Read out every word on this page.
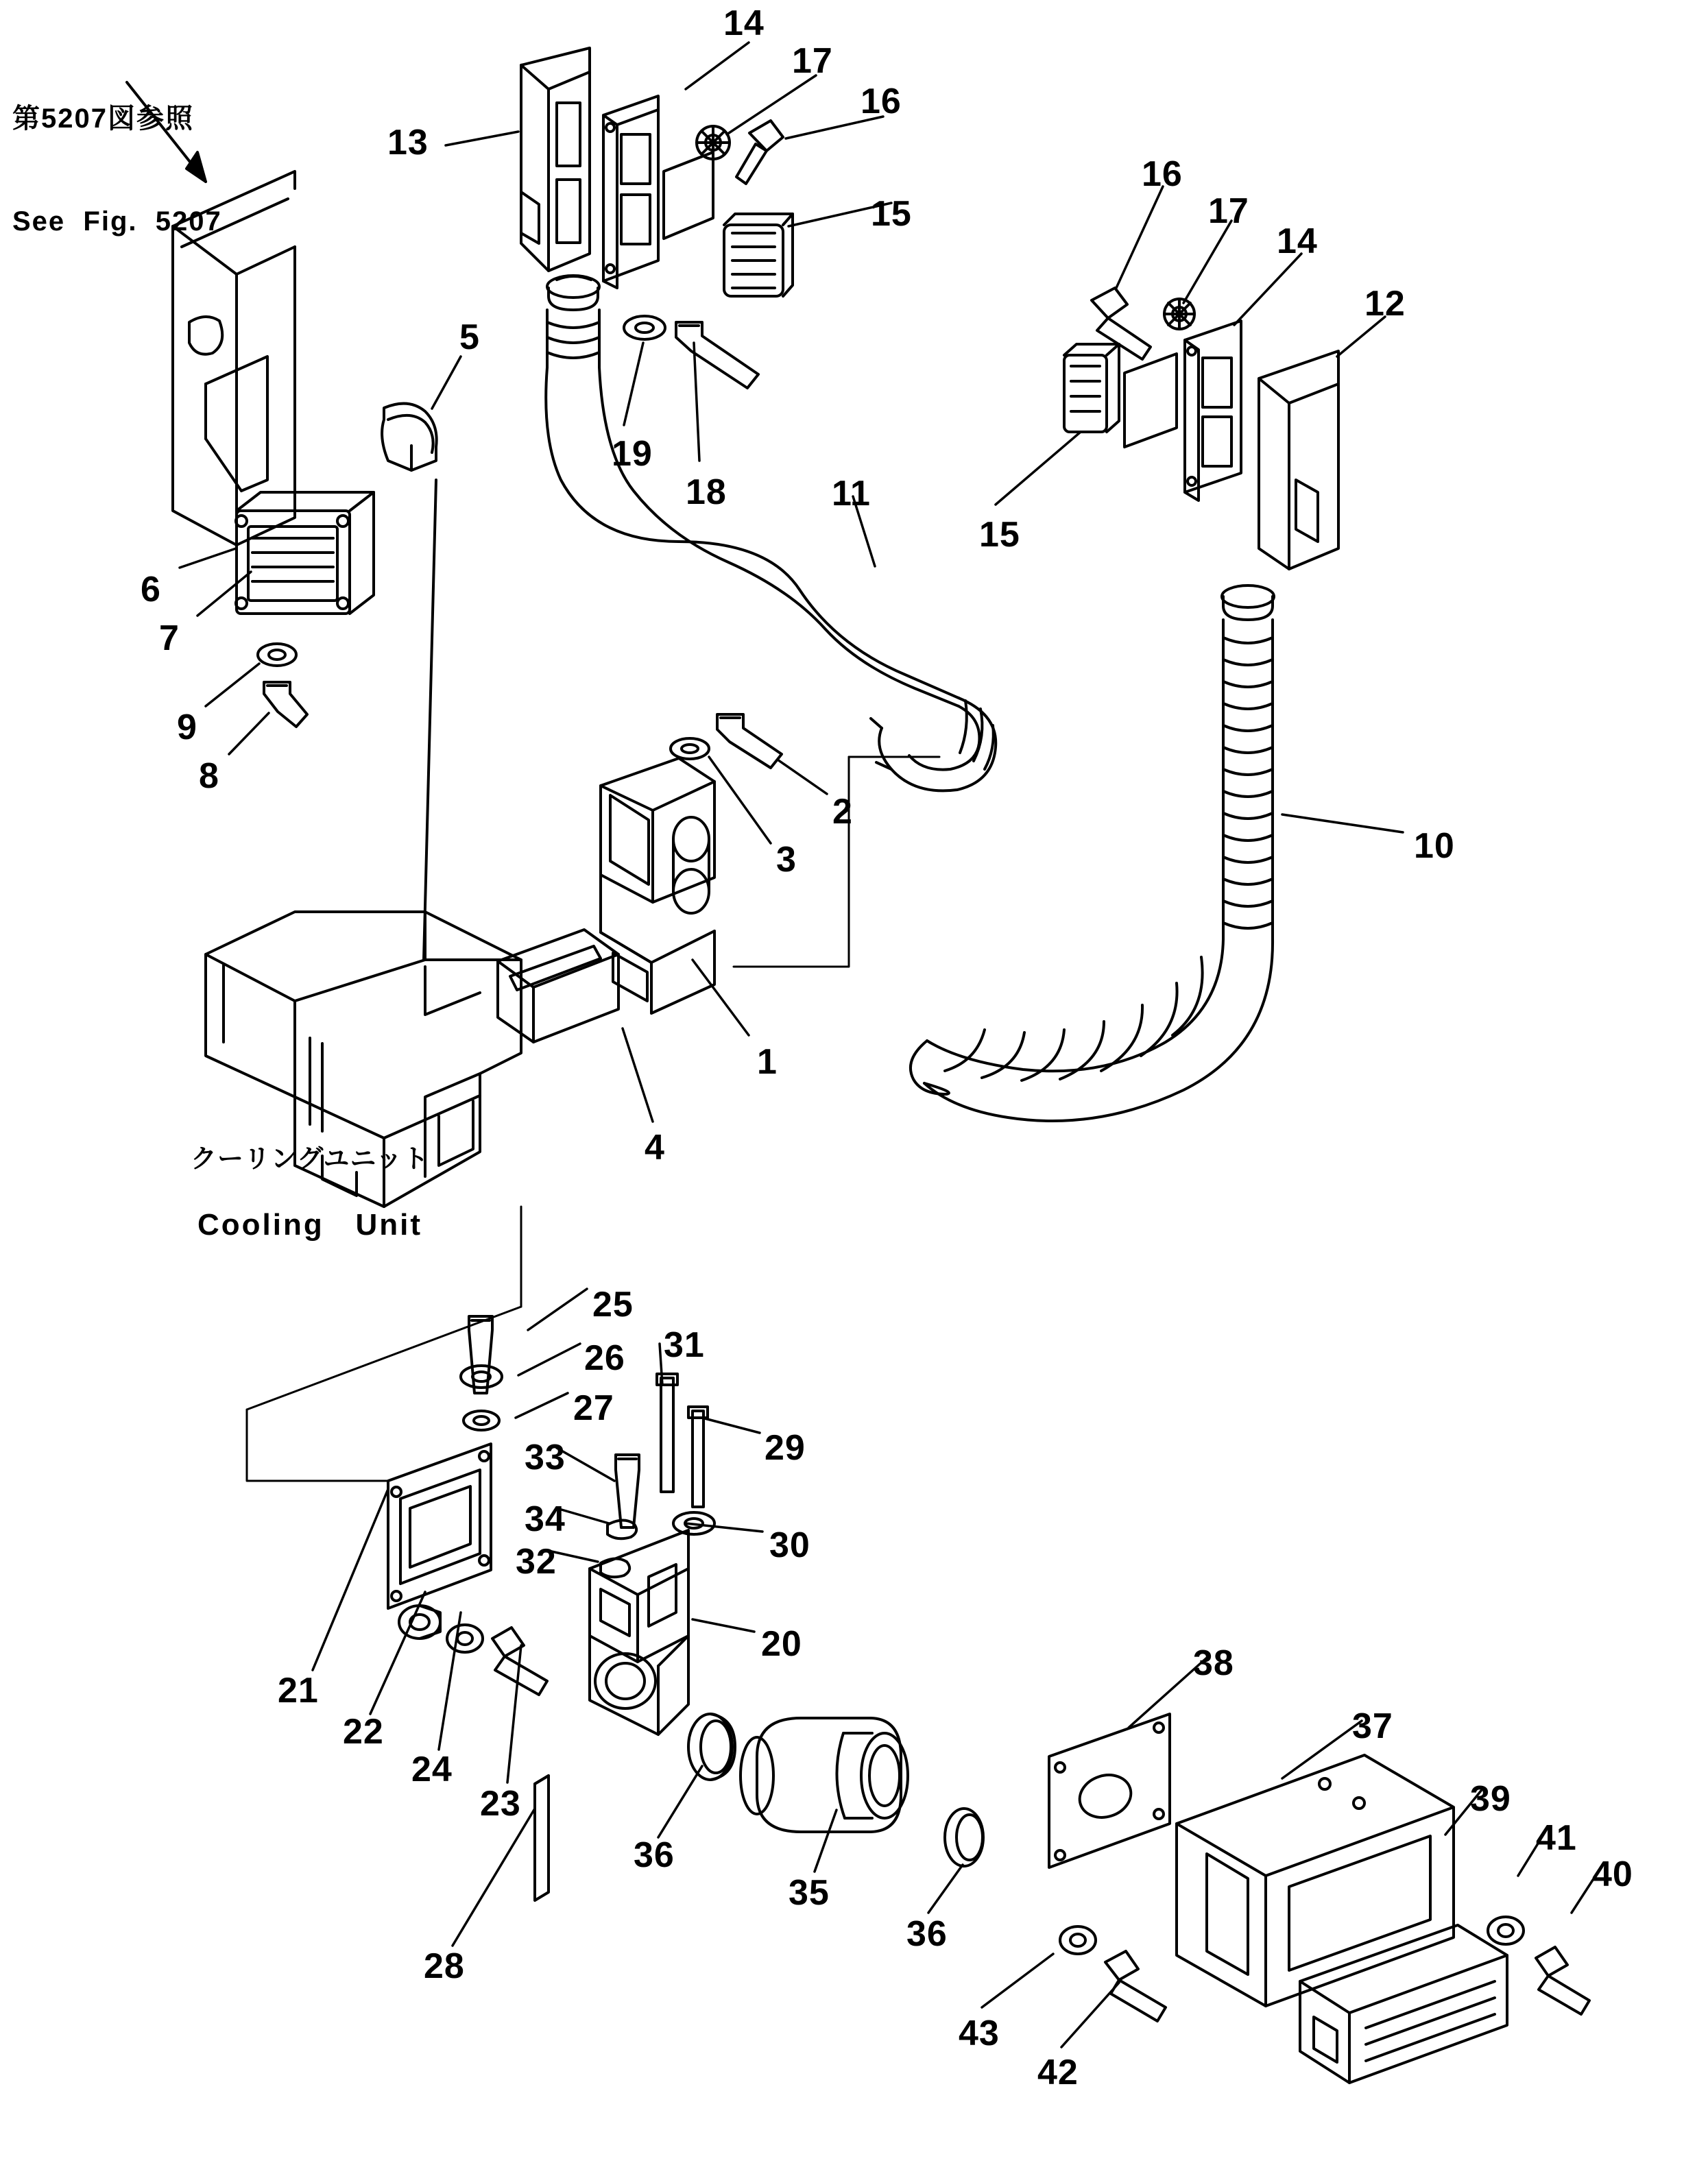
第5207図参照

See  Fig.  5207

クーリングユニット

Cooling   Unit

14
17
16
13
15
16
17
14
12
5
19
18	11
15
6
7
9
8
2
3	10
1
4
25
26 31
27
29
33
34
32	30
20	38
21
22
24
23
37
39
41
40
36
35
36
28
43
42
